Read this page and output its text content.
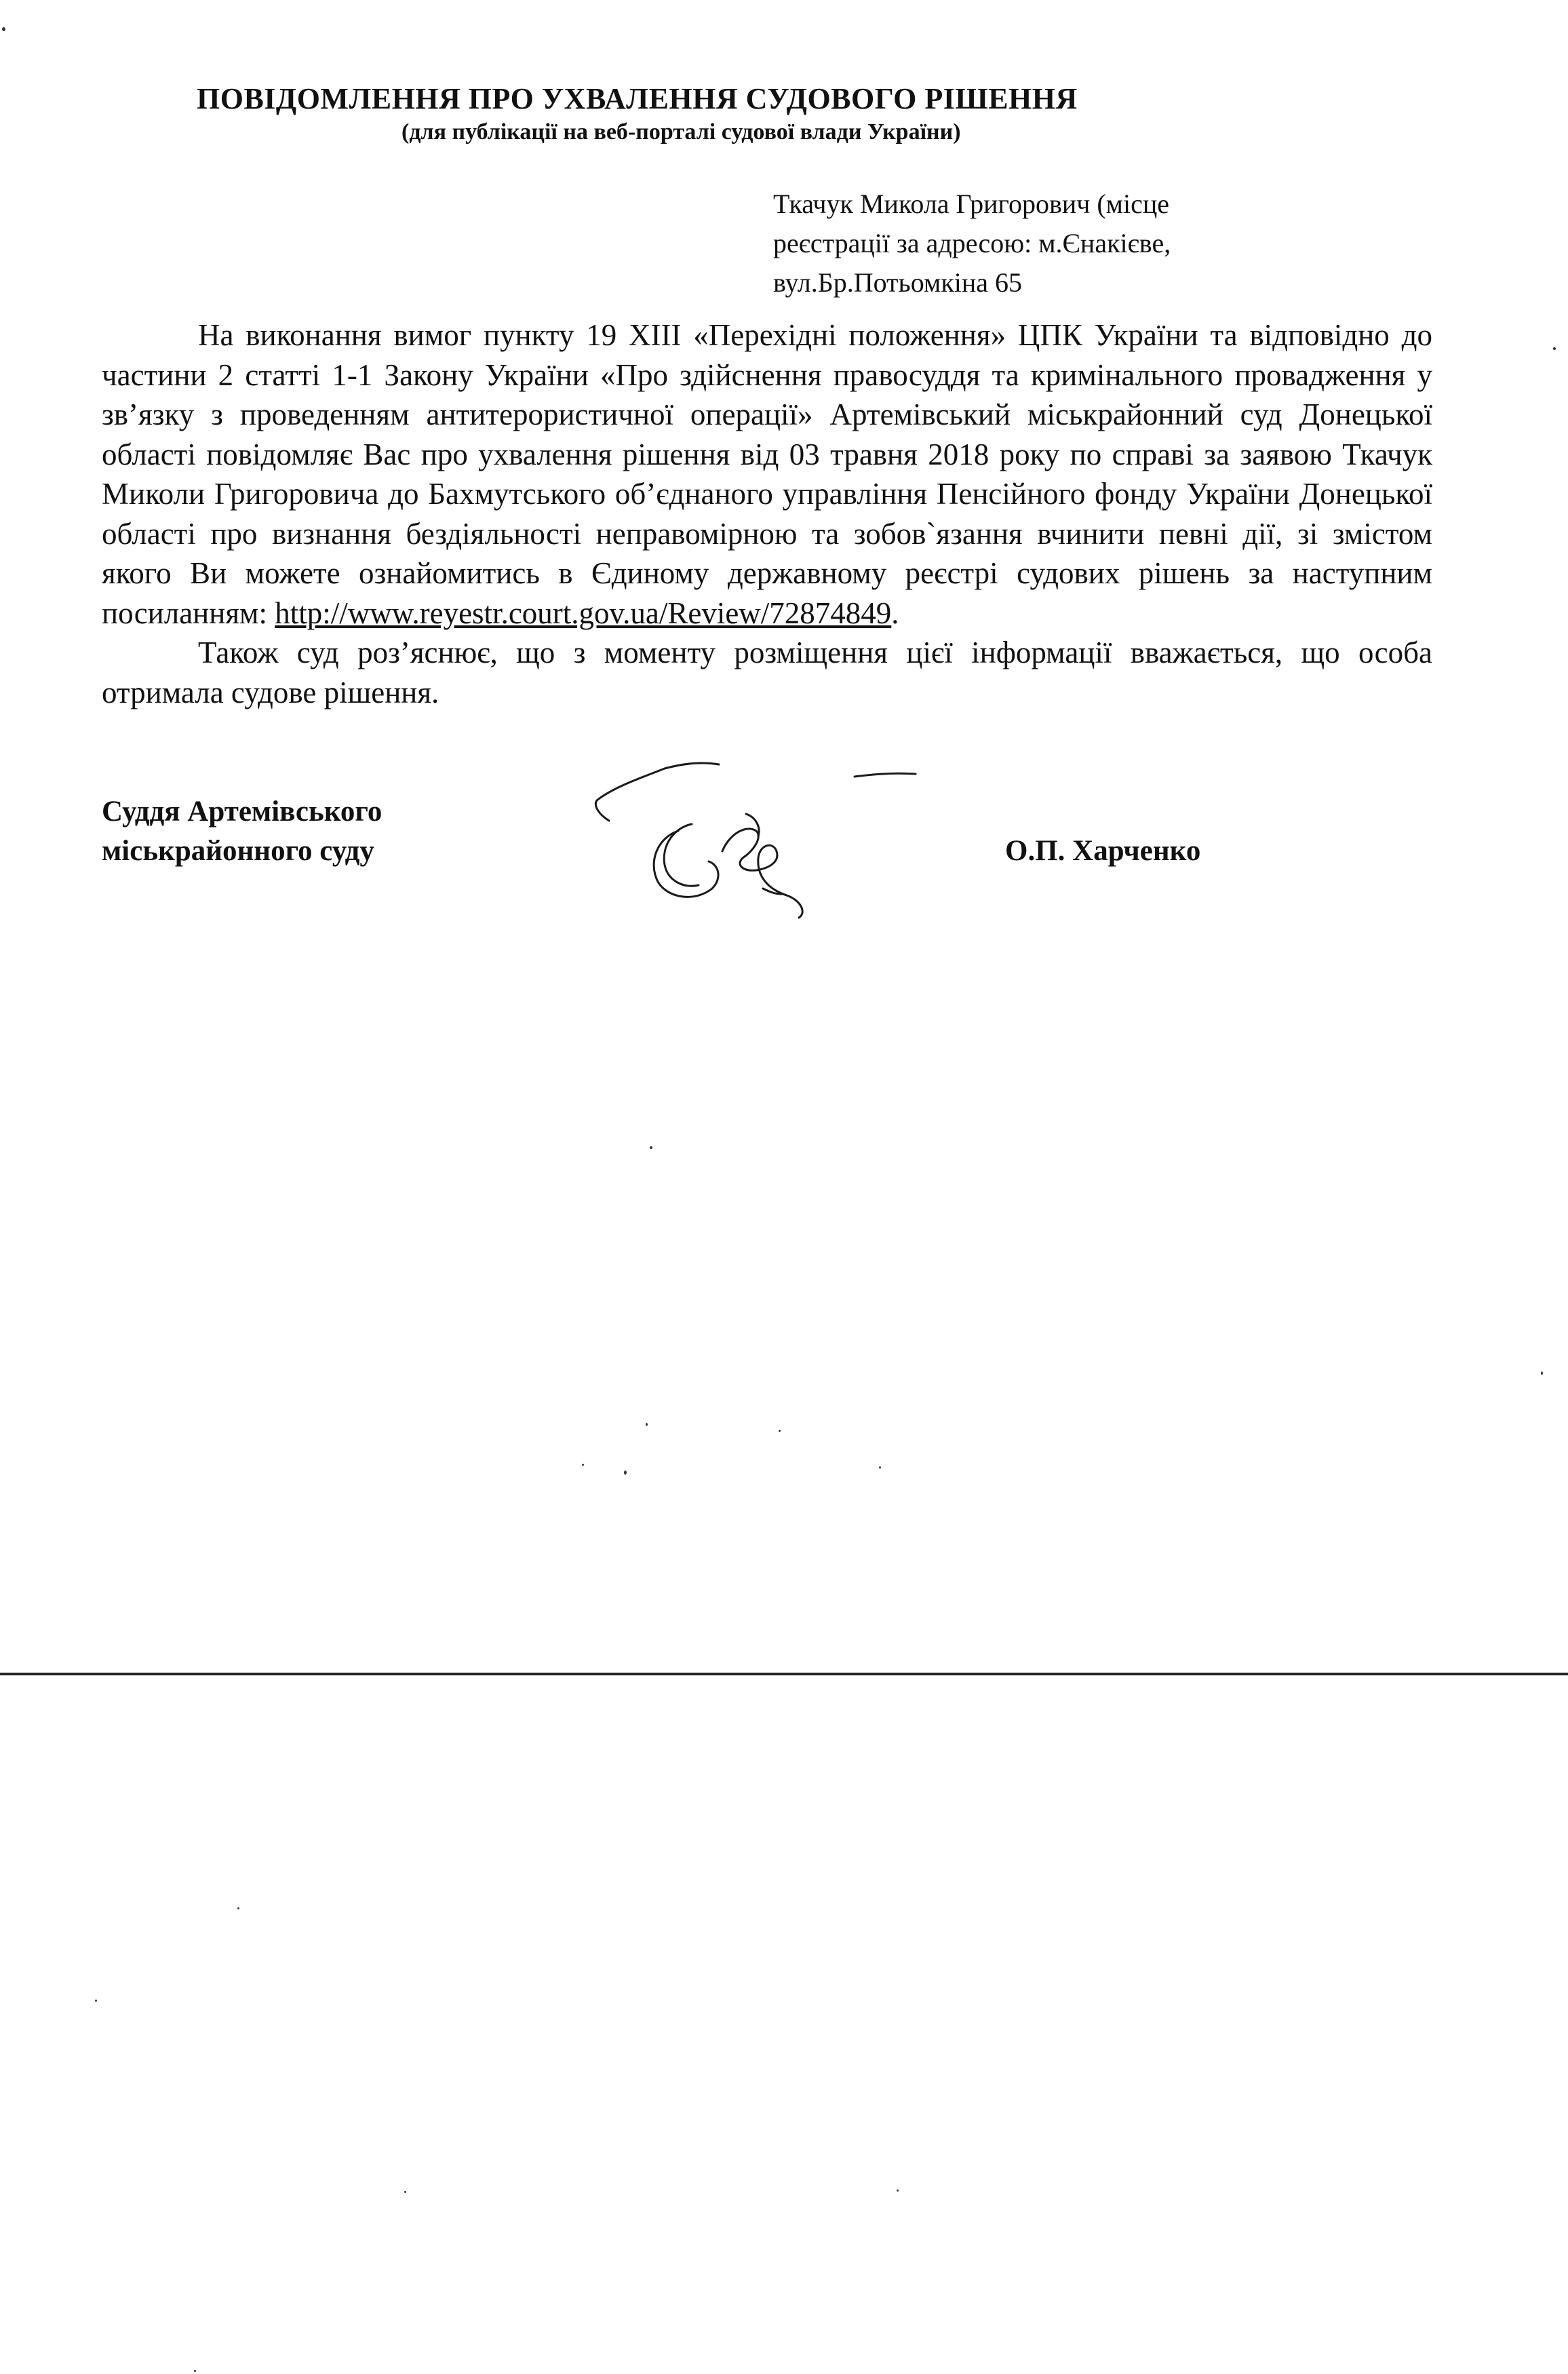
ПОВІДОМЛЕННЯ ПРО УХВАЛЕННЯ СУДОВОГО РІШЕННЯ
(для публікації на веб-порталі судової влади України)
Ткачук Микола Григорович (місце
реєстрації за адресою: м.Єнакієве,
вул.Бр.Потьомкіна 65

На виконання вимог пункту 19 ХІІІ «Перехідні положення» ЦПК України та відповідно до частини 2 статті 1-1 Закону України «Про здійснення правосуддя та кримінального провадження у зв’язку з проведенням антитерористичної операції» Артемівський міськрайонний суд Донецької області повідомляє Вас про ухвалення рішення від 03 травня 2018 року по справі за заявою Ткачук Миколи Григоровича до Бахмутського об’єднаного управління Пенсійного фонду України Донецької області про визнання бездіяльності неправомірною та зобов`язання вчинити певні дії, зі змістом якого Ви можете ознайомитись в Єдиному державному реєстрі судових рішень за наступним посиланням: http://www.reyestr.court.gov.ua/Review/72874849.

Також суд роз’яснює, що з моменту розміщення цієї інформації вважається, що особа отримала судове рішення.

Суддя Артемівського
міськрайонного суду	О.П. Харченко
